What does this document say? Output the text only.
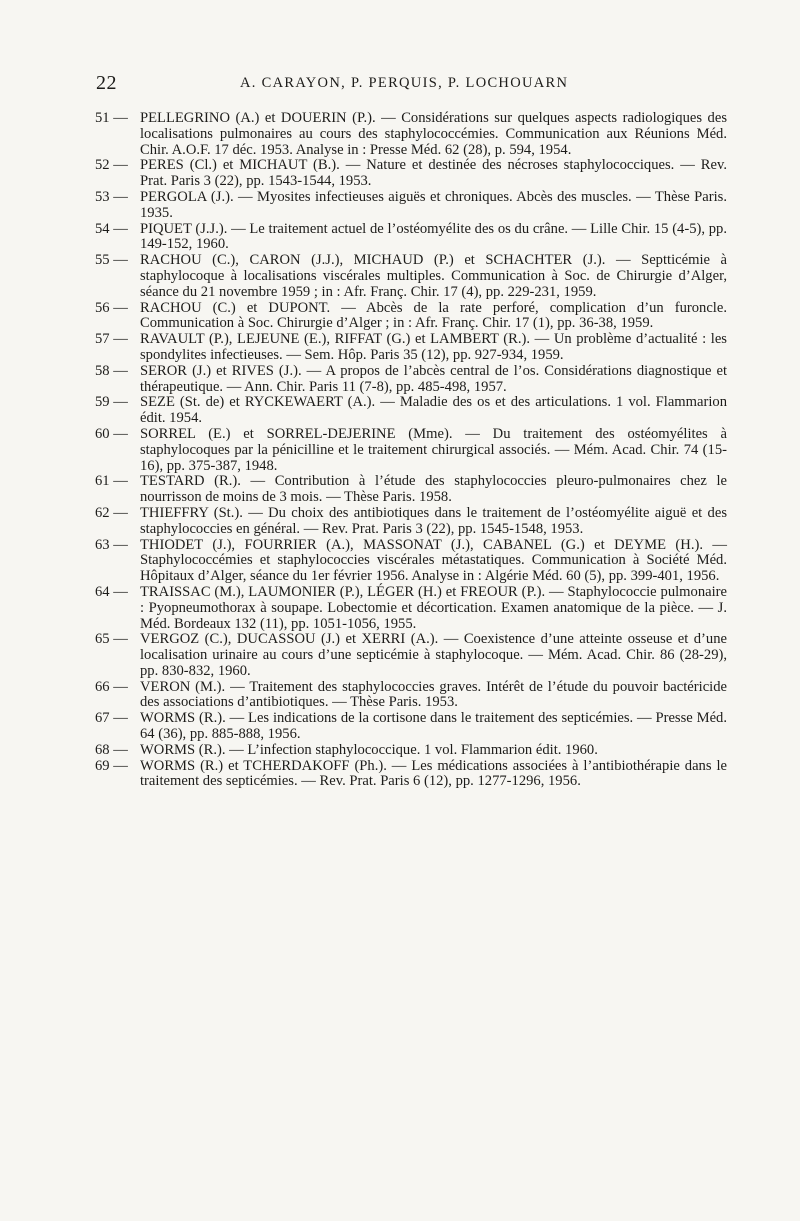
22	A. CARAYON, P. PERQUIS, P. LOCHOUARN
51 — PELLEGRINO (A.) et DOUERIN (P.). — Considérations sur quelques aspects radiologiques des localisations pulmonaires au cours des staphylococcémies. Communication aux Réunions Méd. Chir. A.O.F. 17 déc. 1953. Analyse in : Presse Méd. 62 (28), p. 594, 1954.
52 — PERES (Cl.) et MICHAUT (B.). — Nature et destinée des nécroses staphylococciques. — Rev. Prat. Paris 3 (22), pp. 1543-1544, 1953.
53 — PERGOLA (J.). — Myosites infectieuses aiguës et chroniques. Abcès des muscles. — Thèse Paris. 1935.
54 — PIQUET (J.J.). — Le traitement actuel de l’ostéomyélite des os du crâne. — Lille Chir. 15 (4-5), pp. 149-152, 1960.
55 — RACHOU (C.), CARON (J.J.), MICHAUD (P.) et SCHACHTER (J.). — Septticémie à staphylocoque à localisations viscérales multiples. Communication à Soc. de Chirurgie d’Alger, séance du 21 novembre 1959 ; in : Afr. Franç. Chir. 17 (4), pp. 229-231, 1959.
56 — RACHOU (C.) et DUPONT. — Abcès de la rate perforé, complication d’un furoncle. Communication à Soc. Chirurgie d’Alger ; in : Afr. Franç. Chir. 17 (1), pp. 36-38, 1959.
57 — RAVAULT (P.), LEJEUNE (E.), RIFFAT (G.) et LAMBERT (R.). — Un problème d’actualité : les spondylites infectieuses. — Sem. Hôp. Paris 35 (12), pp. 927-934, 1959.
58 — SEROR (J.) et RIVES (J.). — A propos de l’abcès central de l’os. Considérations diagnostique et thérapeutique. — Ann. Chir. Paris 11 (7-8), pp. 485-498, 1957.
59 — SEZE (St. de) et RYCKEWAERT (A.). — Maladie des os et des articulations. 1 vol. Flammarion édit. 1954.
60 — SORREL (E.) et SORREL-DEJERINE (Mme). — Du traitement des ostéomyélites à staphylocoques par la pénicilline et le traitement chirurgical associés. — Mém. Acad. Chir. 74 (15-16), pp. 375-387, 1948.
61 — TESTARD (R.). — Contribution à l’étude des staphylococcies pleuro-pulmonaires chez le nourrisson de moins de 3 mois. — Thèse Paris. 1958.
62 — THIEFFRY (St.). — Du choix des antibiotiques dans le traitement de l’ostéomyélite aiguë et des staphylococcies en général. — Rev. Prat. Paris 3 (22), pp. 1545-1548, 1953.
63 — THIODET (J.), FOURRIER (A.), MASSONAT (J.), CABANEL (G.) et DEYME (H.). — Staphylococcémies et staphylococcies viscérales métastatiques. Communication à Société Méd. Hôpitaux d’Alger, séance du 1er février 1956. Analyse in : Algérie Méd. 60 (5), pp. 399-401, 1956.
64 — TRAISSAC (M.), LAUMONIER (P.), LÉGER (H.) et FREOUR (P.). — Staphylococcie pulmonaire : Pyopneumothorax à soupape. Lobectomie et décortication. Examen anatomique de la pièce. — J. Méd. Bordeaux 132 (11), pp. 1051-1056, 1955.
65 — VERGOZ (C.), DUCASSOU (J.) et XERRI (A.). — Coexistence d’une atteinte osseuse et d’une localisation urinaire au cours d’une septicémie à staphylocoque. — Mém. Acad. Chir. 86 (28-29), pp. 830-832, 1960.
66 — VERON (M.). — Traitement des staphylococcies graves. Intérêt de l’étude du pouvoir bactéricide des associations d’antibiotiques. — Thèse Paris. 1953.
67 — WORMS (R.). — Les indications de la cortisone dans le traitement des septicémies. — Presse Méd. 64 (36), pp. 885-888, 1956.
68 — WORMS (R.). — L’infection staphylococcique. 1 vol. Flammarion édit. 1960.
69 — WORMS (R.) et TCHERDAKOFF (Ph.). — Les médications associées à l’antibiothérapie dans le traitement des septicémies. — Rev. Prat. Paris 6 (12), pp. 1277-1296, 1956.
